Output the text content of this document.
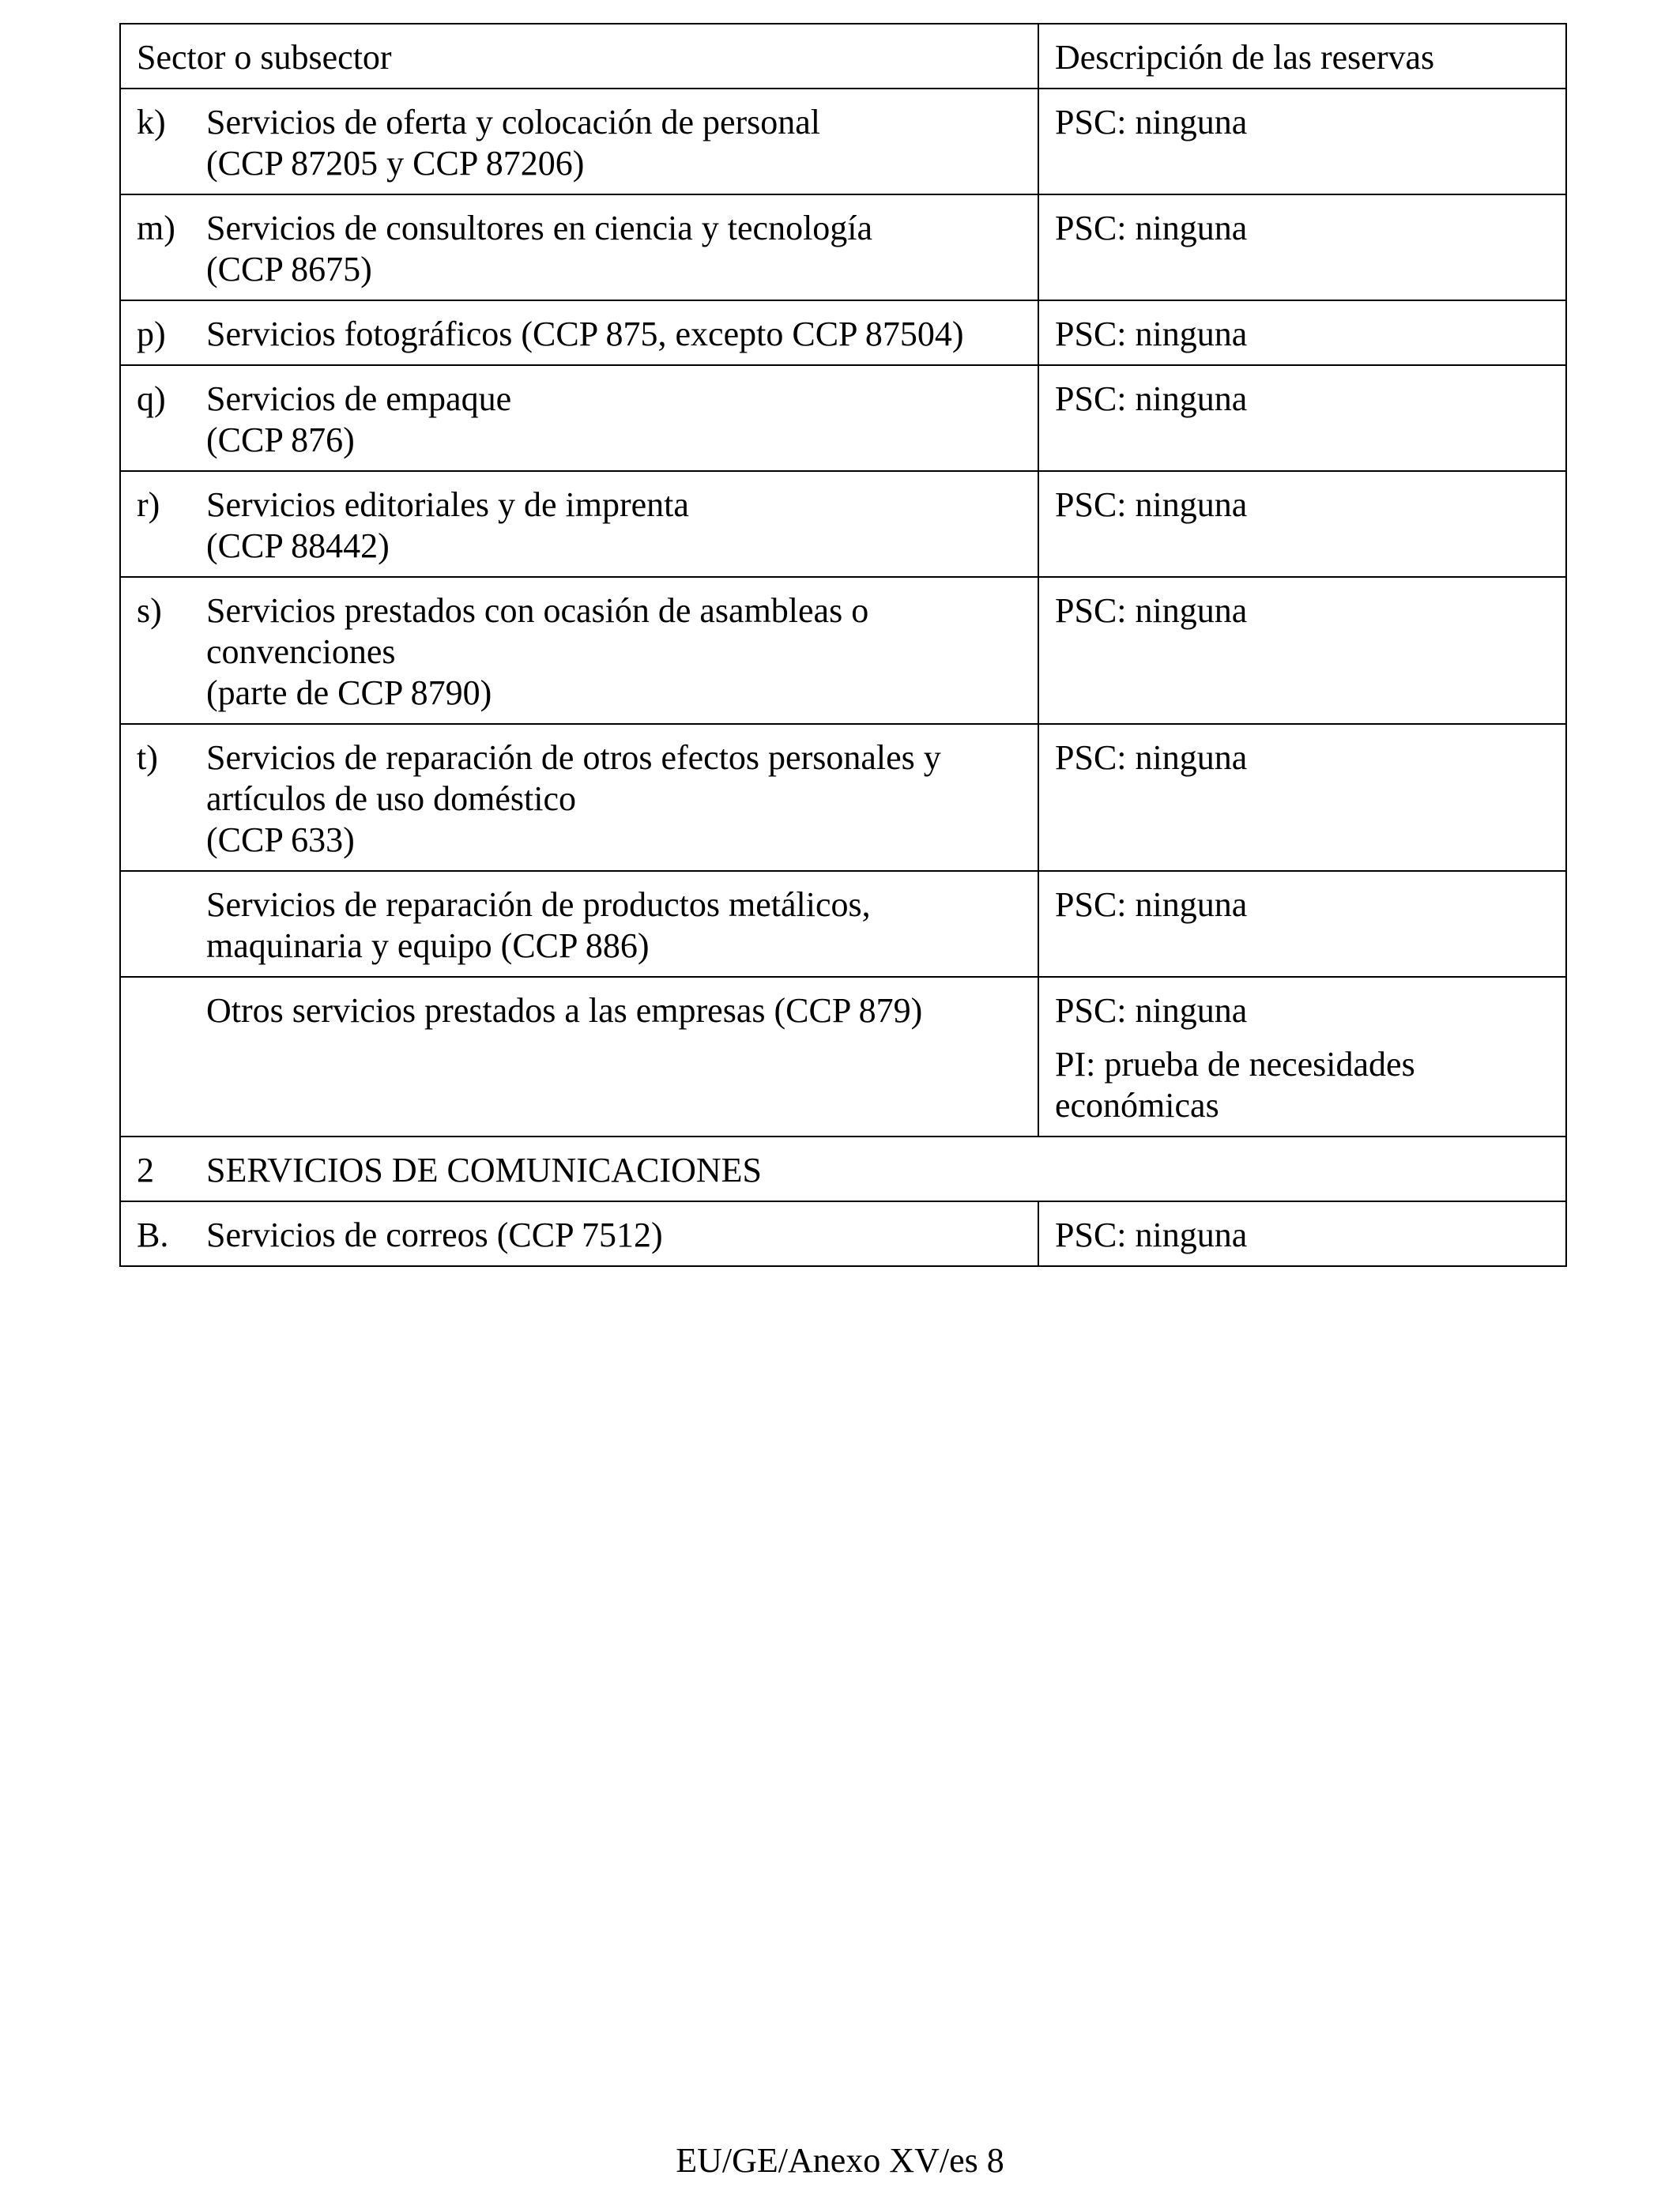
Sector o subsector		Descripción de las reservas
k)	Servicios de oferta y colocación de personal
(CCP 87205 y CCP 87206)	PSC: ninguna

m)	Servicios de consultores en ciencia y tecnología
(CCP 8675)	PSC: ninguna

p)	Servicios fotográficos (CCP 875, excepto CCP 87504)	PSC: ninguna

q)	Servicios de empaque
(CCP 876)	PSC: ninguna

r)	Servicios editoriales y de imprenta
(CCP 88442)	PSC: ninguna

s)	Servicios prestados con ocasión de asambleas o
convenciones
(parte de CCP 8790)	PSC: ninguna

t)	Servicios de reparación de otros efectos personales y
artículos de uso doméstico
(CCP 633)	PSC: ninguna

	Servicios de reparación de productos metálicos,
maquinaria y equipo (CCP 886)	PSC: ninguna

	Otros servicios prestados a las empresas (CCP 879)	PSC: ninguna
PI: prueba de necesidades económicas

2	SERVICIOS DE COMUNICACIONES	
B.	Servicios de correos (CCP 7512)	PSC: ninguna
EU/GE/Anexo XV/es 8
